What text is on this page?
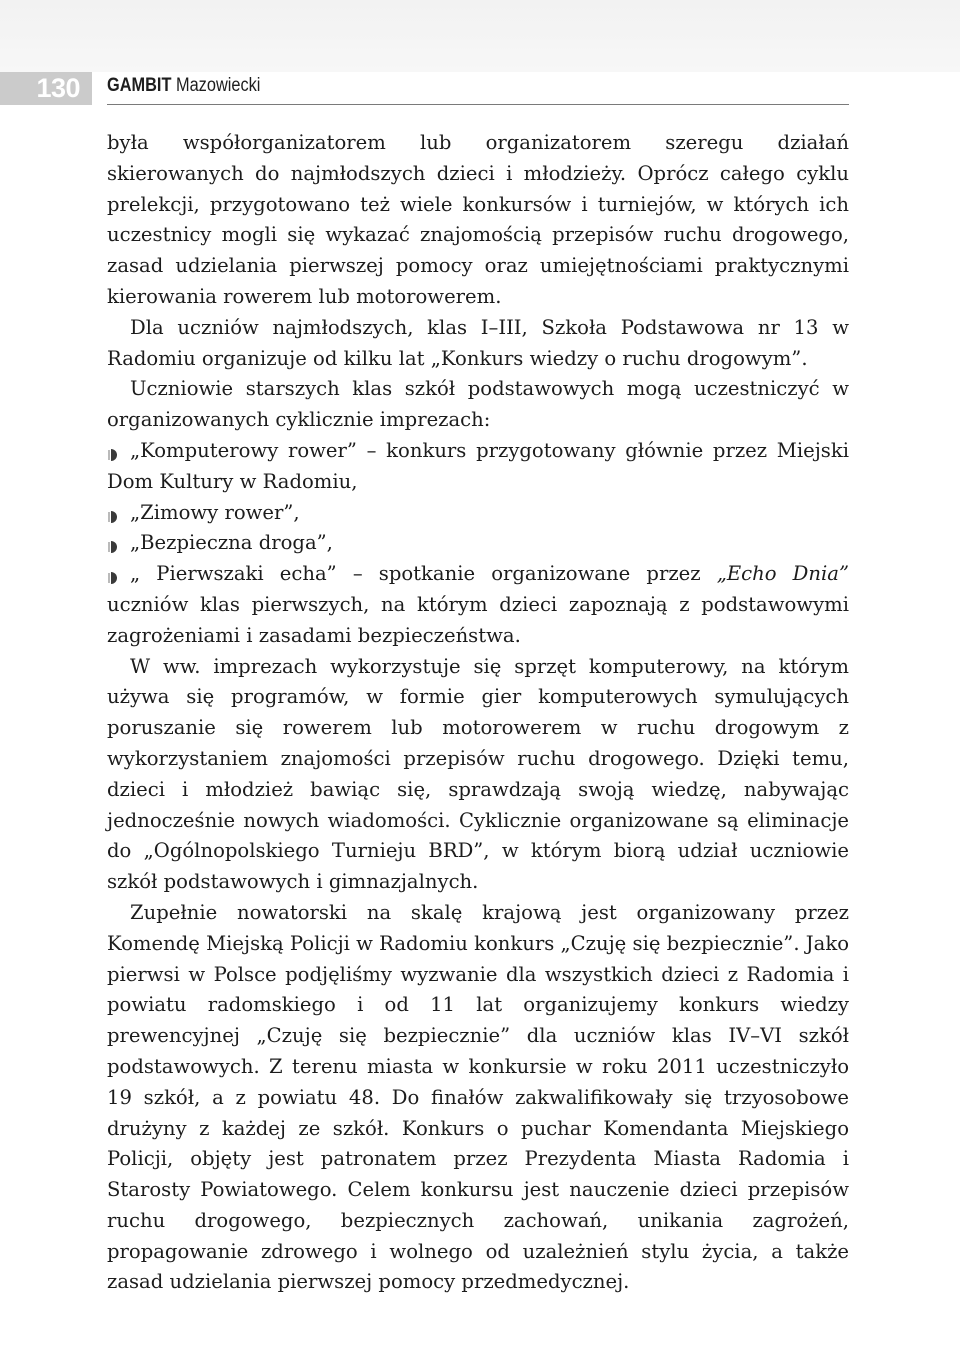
130	GAMBIT Mazowiecki

była współorganizatorem lub organizatorem szeregu działań skierowanych do najmłodszych dzieci i młodzieży. Oprócz całego cyklu prelekcji, przygotowano też wiele konkursów i turniejów, w których ich uczestnicy mogli się wykazać znajomością przepisów ruchu drogowego, zasad udzielania pierwszej pomocy oraz umiejętnościami praktycznymi kierowania rowerem lub motorowerem.

Dla uczniów najmłodszych, klas I–III, Szkoła Podstawowa nr 13 w Radomiu organizuje od kilku lat „Konkurs wiedzy o ruchu drogowym”.

Uczniowie starszych klas szkół podstawowych mogą uczestniczyć w organizowanych cyklicznie imprezach:

„Komputerowy rower” – konkurs przygotowany głównie przez Miejski Dom Kultury w Radomiu,

„Zimowy rower”,

„Bezpieczna droga”,

„ Pierwszaki echa” – spotkanie organizowane przez „Echo Dnia” uczniów klas pierwszych, na którym dzieci zapoznają z podstawowymi zagrożeniami i zasadami bezpieczeństwa.

W ww. imprezach wykorzystuje się sprzęt komputerowy, na którym używa się programów, w formie gier komputerowych symulujących poruszanie się rowerem lub motorowerem w ruchu drogowym z wykorzystaniem znajomości przepisów ruchu drogowego. Dzięki temu, dzieci i młodzież bawiąc się, sprawdzają swoją wiedzę, nabywając jednocześnie nowych wiadomości. Cyklicznie organizowane są eliminacje do „Ogólnopolskiego Turnieju BRD”, w którym biorą udział uczniowie szkół podstawowych i gimnazjalnych.

Zupełnie nowatorski na skalę krajową jest organizowany przez Komendę Miejską Policji w Radomiu konkurs „Czuję się bezpiecznie”. Jako pierwsi w Polsce podjęliśmy wyzwanie dla wszystkich dzieci z Radomia i powiatu radomskiego i od 11 lat organizujemy konkurs wiedzy prewencyjnej „Czuję się bezpiecznie” dla uczniów klas IV–VI szkół podstawowych. Z terenu miasta w konkursie w roku 2011 uczestniczyło 19 szkół, a z powiatu 48. Do finałów zakwalifikowały się trzyosobowe drużyny z każdej ze szkół. Konkurs o puchar Komendanta Miejskiego Policji, objęty jest patronatem przez Prezydenta Miasta Radomia i Starosty Powiatowego. Celem konkursu jest nauczenie dzieci przepisów ruchu drogowego, bezpiecznych zachowań, unikania zagrożeń, propagowanie zdrowego i wolnego od uzależnień stylu życia, a także zasad udzielania pierwszej pomocy przedmedycznej.
